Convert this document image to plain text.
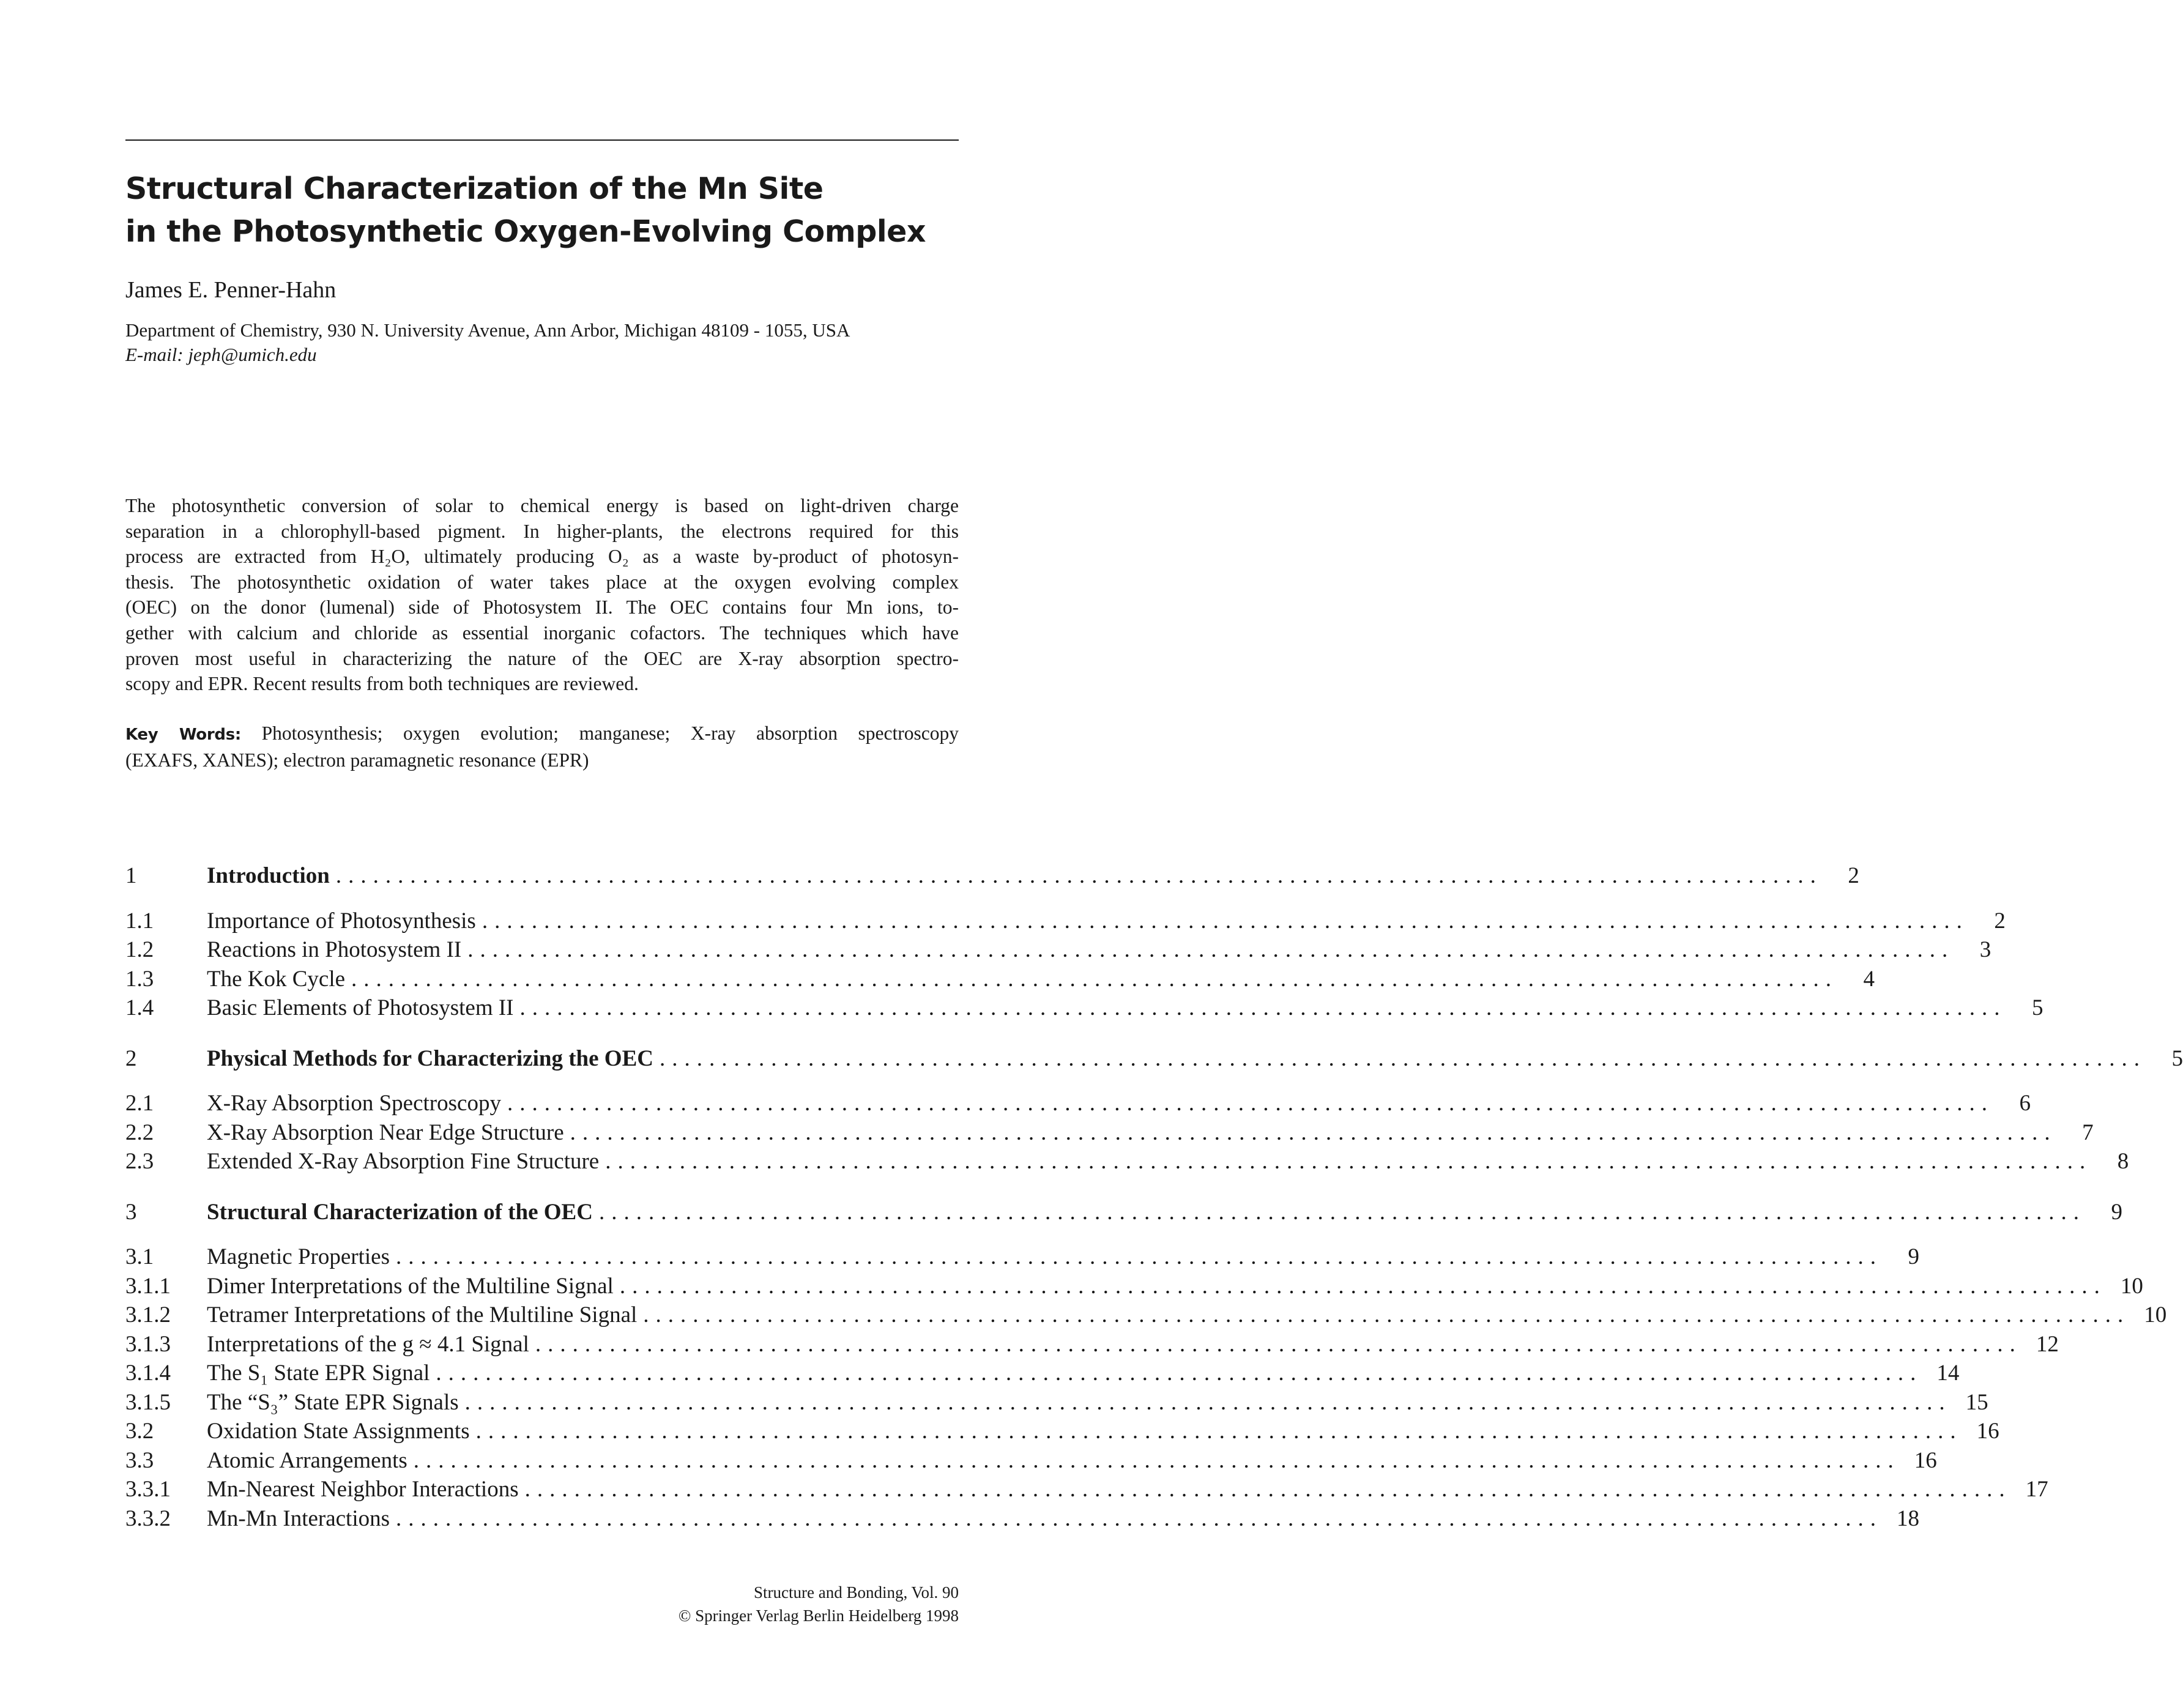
Structural Characterization of the Mn Site
in the Photosynthetic Oxygen-Evolving Complex

James E. Penner-Hahn

Department of Chemistry, 930 N. University Avenue, Ann Arbor, Michigan 48109 - 1055, USA
E-mail: jeph@umich.edu

The photosynthetic conversion of solar to chemical energy is based on light-driven charge
separation in a chlorophyll-based pigment. In higher-plants, the electrons required for this
process are extracted from H₂O, ultimately producing O₂ as a waste by-product of photosyn-
thesis. The photosynthetic oxidation of water takes place at the oxygen evolving complex
(OEC) on the donor (lumenal) side of Photosystem II. The OEC contains four Mn ions, to-
gether with calcium and chloride as essential inorganic cofactors. The techniques which have
proven most useful in characterizing the nature of the OEC are X-ray absorption spectro-
scopy and EPR. Recent results from both techniques are reviewed.

Key Words: Photosynthesis; oxygen evolution; manganese; X-ray absorption spectroscopy
(EXAFS, XANES); electron paramagnetic resonance (EPR)

1	Introduction ........................................................................................................................	2
1.1	Importance of Photosynthesis ........................................................................................................................	2
1.2	Reactions in Photosystem II ........................................................................................................................	3
1.3	The Kok Cycle ........................................................................................................................	4
1.4	Basic Elements of Photosystem II ........................................................................................................................	5
2	Physical Methods for Characterizing the OEC ........................................................................................................................	5
2.1	X-Ray Absorption Spectroscopy ........................................................................................................................	6
2.2	X-Ray Absorption Near Edge Structure ........................................................................................................................	7
2.3	Extended X-Ray Absorption Fine Structure ........................................................................................................................	8
3	Structural Characterization of the OEC ........................................................................................................................	9
3.1	Magnetic Properties ........................................................................................................................	9
3.1.1	Dimer Interpretations of the Multiline Signal ........................................................................................................................ 10
3.1.2	Tetramer Interpretations of the Multiline Signal ........................................................................................................................ 10
3.1.3	Interpretations of the g ≈ 4.1 Signal ........................................................................................................................ 12
3.1.4	The S₁ State EPR Signal ........................................................................................................................ 14
3.1.5	The “S₃” State EPR Signals ........................................................................................................................ 15
3.2	Oxidation State Assignments ........................................................................................................................ 16
3.3	Atomic Arrangements ........................................................................................................................ 16
3.3.1	Mn-Nearest Neighbor Interactions ........................................................................................................................ 17
3.3.2	Mn-Mn Interactions ........................................................................................................................ 18
Structure and Bonding, Vol. 90
© Springer Verlag Berlin Heidelberg 1998
